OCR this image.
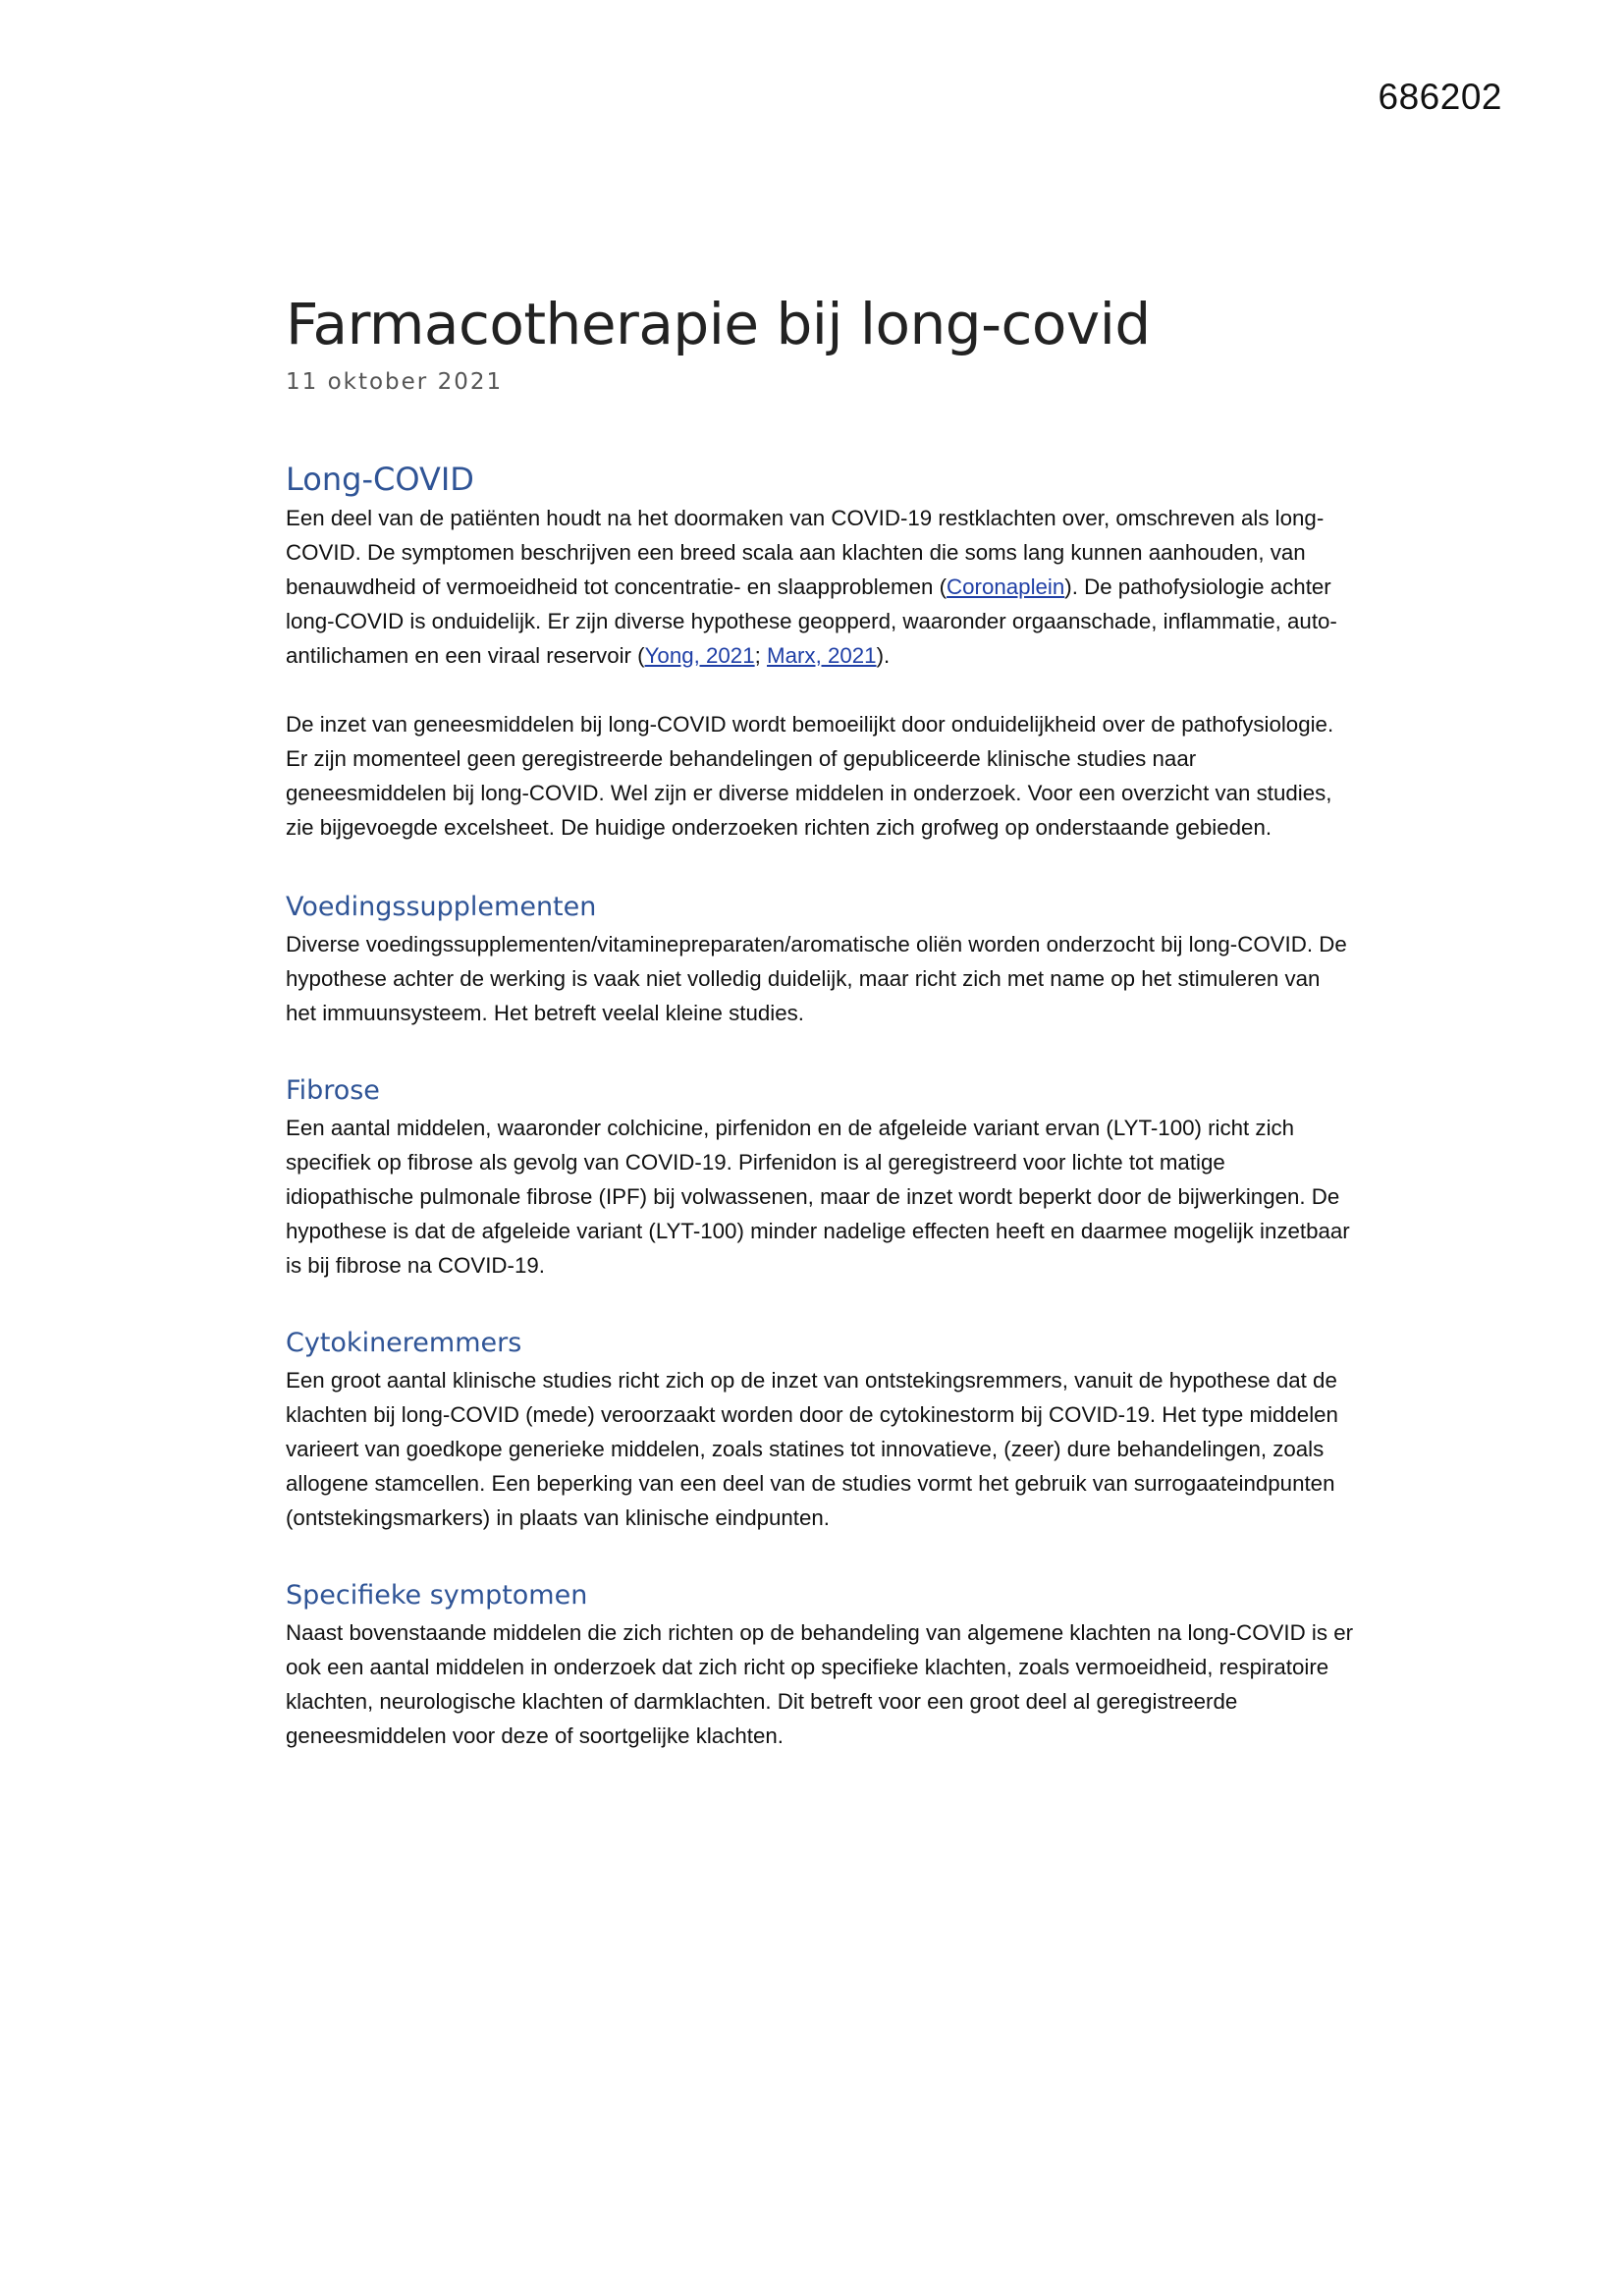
686202
Farmacotherapie bij long-covid
11 oktober 2021
Long-COVID

Een deel van de patiënten houdt na het doormaken van COVID-19 restklachten over, omschreven als long-COVID. De symptomen beschrijven een breed scala aan klachten die soms lang kunnen aanhouden, van benauwdheid of vermoeidheid tot concentratie- en slaapproblemen (Coronaplein). De pathofysiologie achter long-COVID is onduidelijk. Er zijn diverse hypothese geopperd, waaronder orgaanschade, inflammatie, auto-antilichamen en een viraal reservoir (Yong, 2021; Marx, 2021).

De inzet van geneesmiddelen bij long-COVID wordt bemoeilijkt door onduidelijkheid over de pathofysiologie. Er zijn momenteel geen geregistreerde behandelingen of gepubliceerde klinische studies naar geneesmiddelen bij long-COVID. Wel zijn er diverse middelen in onderzoek. Voor een overzicht van studies, zie bijgevoegde excelsheet. De huidige onderzoeken richten zich grofweg op onderstaande gebieden.

Voedingssupplementen

Diverse voedingssupplementen/vitaminepreparaten/aromatische oliën worden onderzocht bij long-COVID. De hypothese achter de werking is vaak niet volledig duidelijk, maar richt zich met name op het stimuleren van het immuunsysteem. Het betreft veelal kleine studies.

Fibrose

Een aantal middelen, waaronder colchicine, pirfenidon en de afgeleide variant ervan (LYT-100) richt zich specifiek op fibrose als gevolg van COVID-19. Pirfenidon is al geregistreerd voor lichte tot matige idiopathische pulmonale fibrose (IPF) bij volwassenen, maar de inzet wordt beperkt door de bijwerkingen. De hypothese is dat de afgeleide variant (LYT-100) minder nadelige effecten heeft en daarmee mogelijk inzetbaar is bij fibrose na COVID-19.

Cytokineremmers

Een groot aantal klinische studies richt zich op de inzet van ontstekingsremmers, vanuit de hypothese dat de klachten bij long-COVID (mede) veroorzaakt worden door de cytokinestorm bij COVID-19. Het type middelen varieert van goedkope generieke middelen, zoals statines tot innovatieve, (zeer) dure behandelingen, zoals allogene stamcellen. Een beperking van een deel van de studies vormt het gebruik van surrogaateindpunten (ontstekingsmarkers) in plaats van klinische eindpunten.

Specifieke symptomen

Naast bovenstaande middelen die zich richten op de behandeling van algemene klachten na long-COVID is er ook een aantal middelen in onderzoek dat zich richt op specifieke klachten, zoals vermoeidheid, respiratoire klachten, neurologische klachten of darmklachten. Dit betreft voor een groot deel al geregistreerde geneesmiddelen voor deze of soortgelijke klachten.
